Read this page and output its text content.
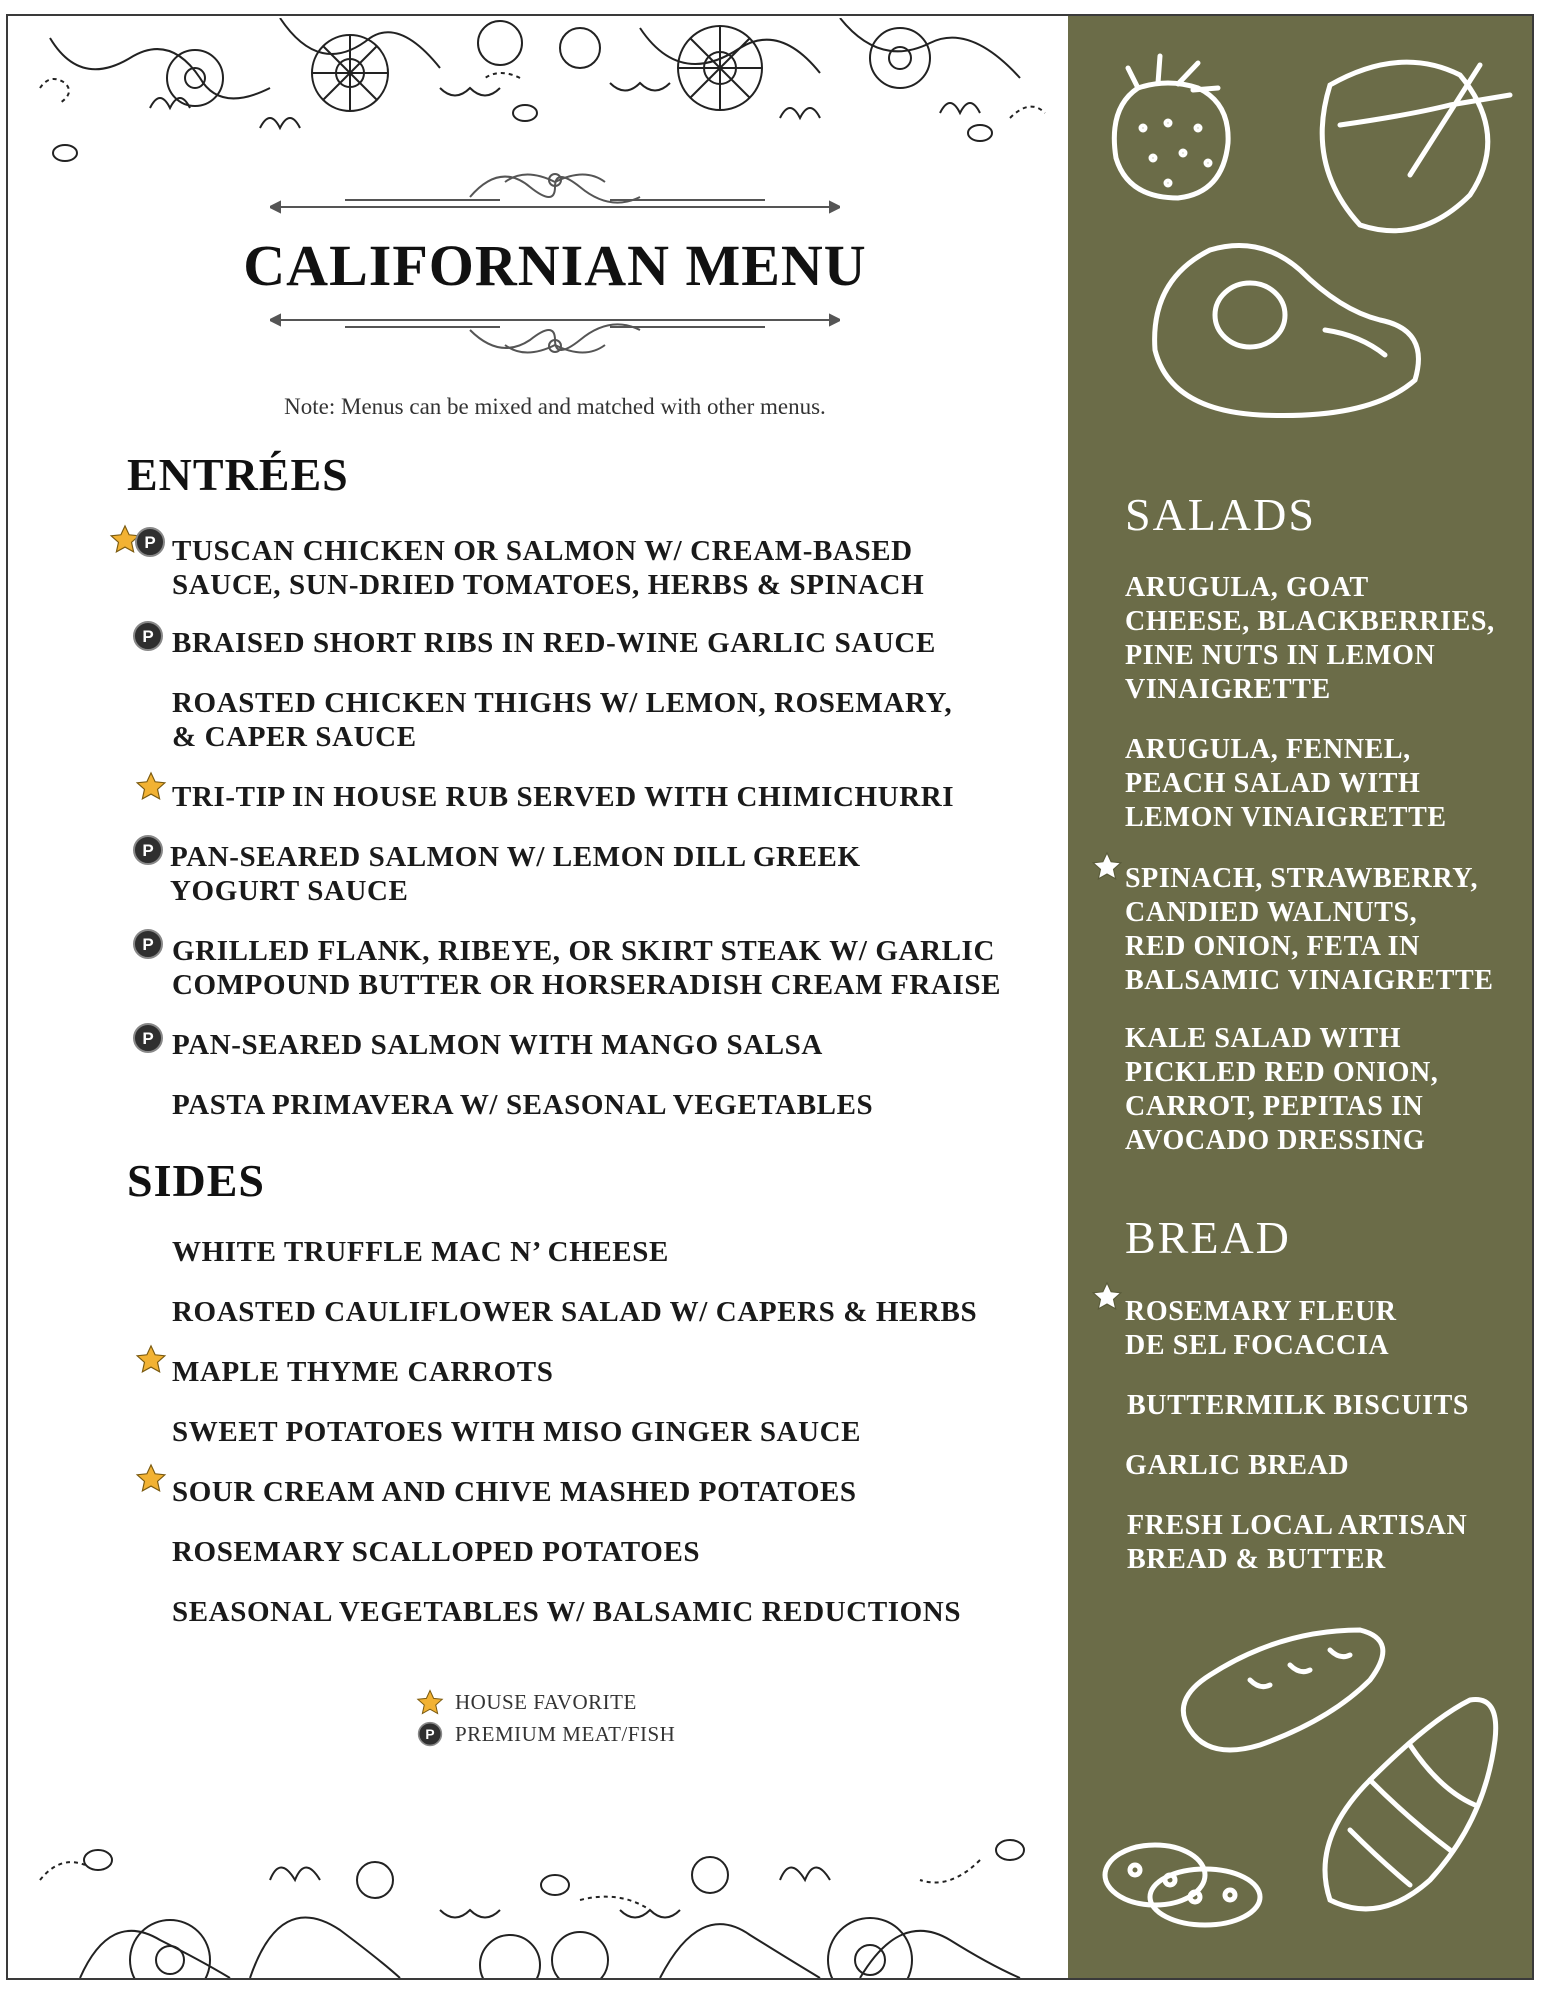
CALIFORNIAN MENU
Note: Menus can be mixed and matched with other menus.
ENTRÉES
TUSCAN CHICKEN OR SALMON W/ CREAM-BASED
SAUCE, SUN-DRIED TOMATOES, HERBS & SPINACH
BRAISED SHORT RIBS IN RED-WINE GARLIC SAUCE
ROASTED CHICKEN THIGHS W/ LEMON, ROSEMARY,
& CAPER SAUCE
TRI-TIP IN HOUSE RUB SERVED WITH CHIMICHURRI
PAN-SEARED SALMON W/ LEMON DILL GREEK
YOGURT SAUCE
GRILLED FLANK, RIBEYE, OR SKIRT STEAK W/ GARLIC
COMPOUND BUTTER OR HORSERADISH CREAM FRAISE
PAN-SEARED SALMON WITH MANGO SALSA
PASTA PRIMAVERA W/ SEASONAL VEGETABLES
SIDES
WHITE TRUFFLE MAC N’ CHEESE
ROASTED CAULIFLOWER SALAD W/ CAPERS & HERBS
MAPLE THYME CARROTS
SWEET POTATOES WITH MISO GINGER SAUCE
SOUR CREAM AND CHIVE MASHED POTATOES
ROSEMARY SCALLOPED POTATOES
SEASONAL VEGETABLES W/ BALSAMIC REDUCTIONS
P
P
P
P
P
HOUSE FAVORITE
P PREMIUM MEAT/FISH
SALADS
ARUGULA, GOAT
CHEESE, BLACKBERRIES,
PINE NUTS IN LEMON
VINAIGRETTE
ARUGULA, FENNEL,
PEACH SALAD WITH
LEMON VINAIGRETTE
SPINACH, STRAWBERRY,
CANDIED WALNUTS,
RED ONION, FETA IN
BALSAMIC VINAIGRETTE
KALE SALAD WITH
PICKLED RED ONION,
CARROT, PEPITAS IN
AVOCADO DRESSING
BREAD
ROSEMARY FLEUR
DE SEL FOCACCIA
BUTTERMILK BISCUITS
GARLIC BREAD
FRESH LOCAL ARTISAN
BREAD & BUTTER
